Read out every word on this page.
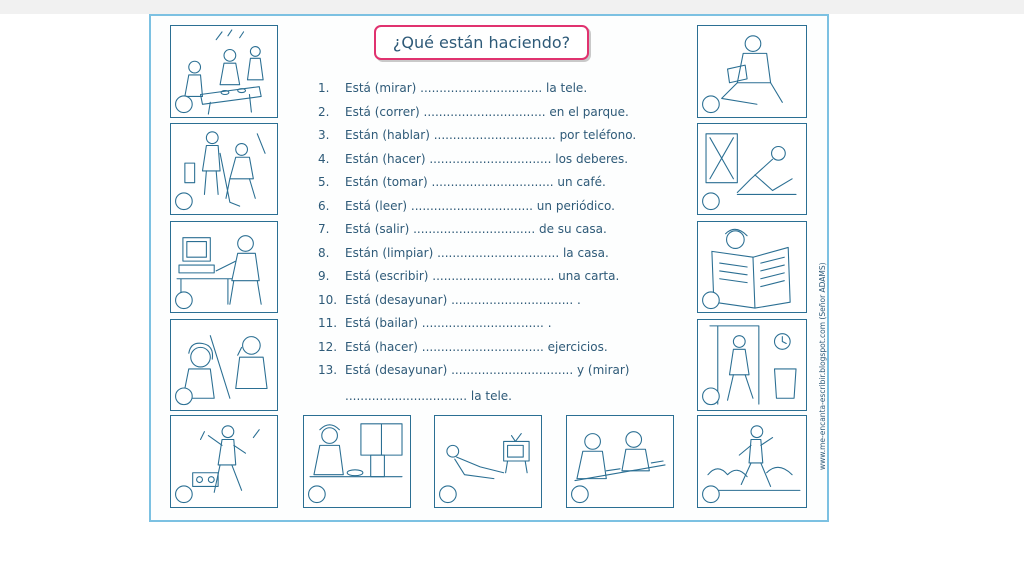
¿Qué están haciendo?
1. Está (mirar) ................................ la tele.
2. Está (correr) ................................ en el parque.
3. Están (hablar) ................................ por teléfono.
4. Están (hacer) ................................ los deberes.
5. Están (tomar) ................................ un café.
6. Está (leer) ................................ un periódico.
7. Está (salir) ................................ de su casa.
8. Están (limpiar) ................................ la casa.
9. Está (escribir) ................................ una carta.
10. Está (desayunar) ................................ .
11. Está (bailar) ................................ .
12. Está (hacer) ................................ ejercicios.
13. Está (desayunar) ................................ y (mirar)
................................ la tele.	www.me-encanta-escribir.blogspot.com (Señor ADAMS)
